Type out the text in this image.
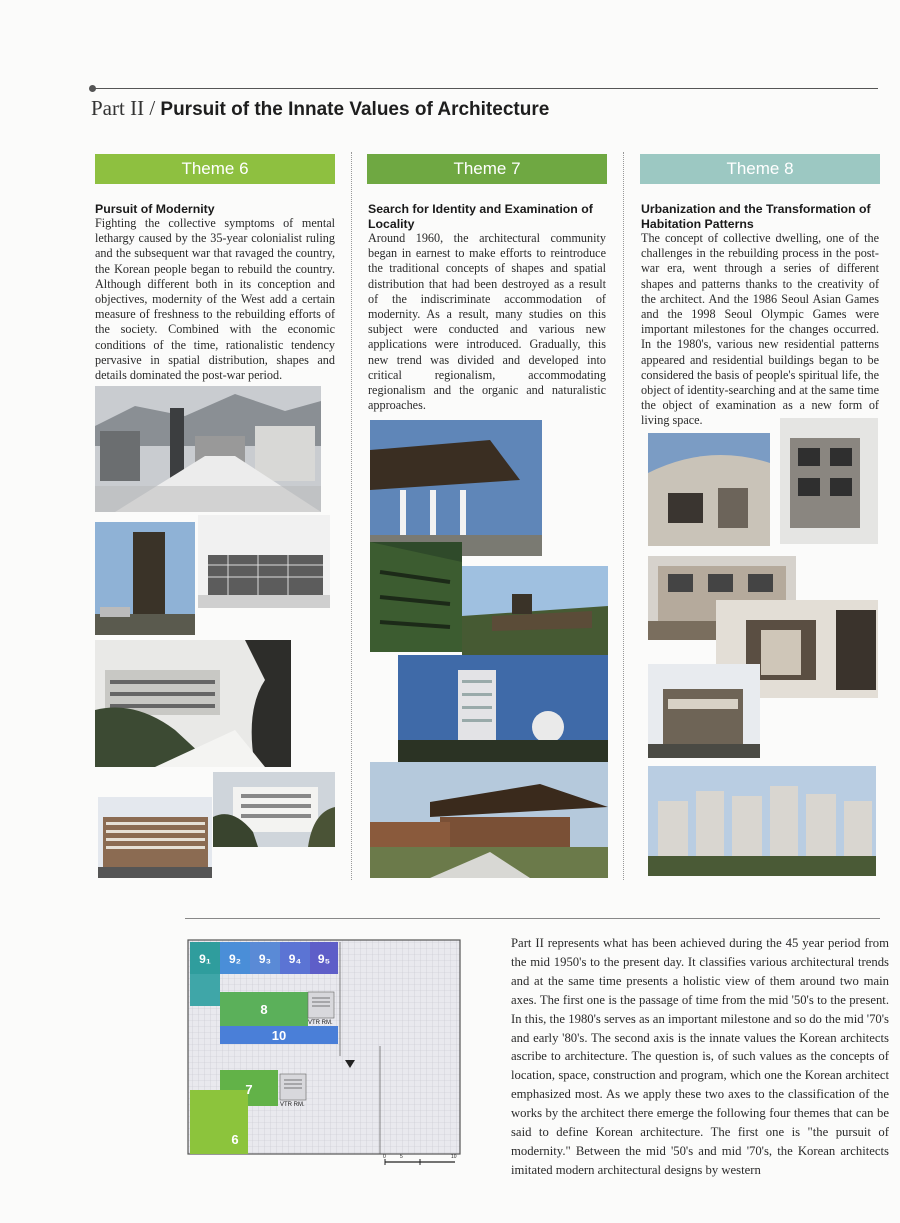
Part II / Pursuit of the Innate Values of Architecture
Theme 6
Pursuit of Modernity
Fighting the collective symptoms of mental lethargy caused by the 35-year colonialist ruling and the subsequent war that ravaged the country, the Korean people began to rebuild the country. Although different both in its conception and objectives, modernity of the West add a certain measure of freshness to the rebuilding efforts of the society. Combined with the economic conditions of the time, rationalistic tendency pervasive in spatial distribution, shapes and details dominated the post-war period.
Theme 7
Search for Identity and Examination of Locality
Around 1960, the architectural community began in earnest to make efforts to reintroduce the traditional concepts of shapes and spatial distribution that had been destroyed as a result of the indiscriminate accommodation of modernity. As a result, many studies on this subject were conducted and various new applications were introduced. Gradually, this new trend was divided and developed into critical regionalism, accommodating regionalism and the organic and naturalistic approaches.
Theme 8
Urbanization and the Transformation of Habitation Patterns
The concept of collective dwelling, one of the challenges in the rebuilding process in the post-war era, went through a series of different shapes and patterns thanks to the creativity of the architect. And the 1986 Seoul Asian Games and the 1998 Seoul Olympic Games were important milestones for the changes occurred. In the 1980's, various new residential patterns appeared and residential buildings began to be considered the basis of people's spiritual life, the object of identity-searching and at the same time the object of examination as a new form of living space.
9₁ 9₂ 9₃ 9₄ 9₅
8
10
7
6
VTR RM.
VTR RM.
0	5	10
Part II represents what has been achieved during the 45 year period from the mid 1950's to the present day. It classifies various architectural trends and at the same time presents a holistic view of them around two main axes. The first one is the passage of time from the mid '50's to the present. In this, the 1980's serves as an important milestone and so do the mid '70's and early '80's. The second axis is the innate values the Korean architects ascribe to architecture. The question is, of such values as the concepts of location, space, construction and program, which one the Korean architect emphasized most. As we apply these two axes to the classification of the works by the architect there emerge the following four themes that can be said to define Korean architecture. The first one is "the pursuit of modernity." Between the mid '50's and mid '70's, the Korean architects imitated modern architectural designs by western
